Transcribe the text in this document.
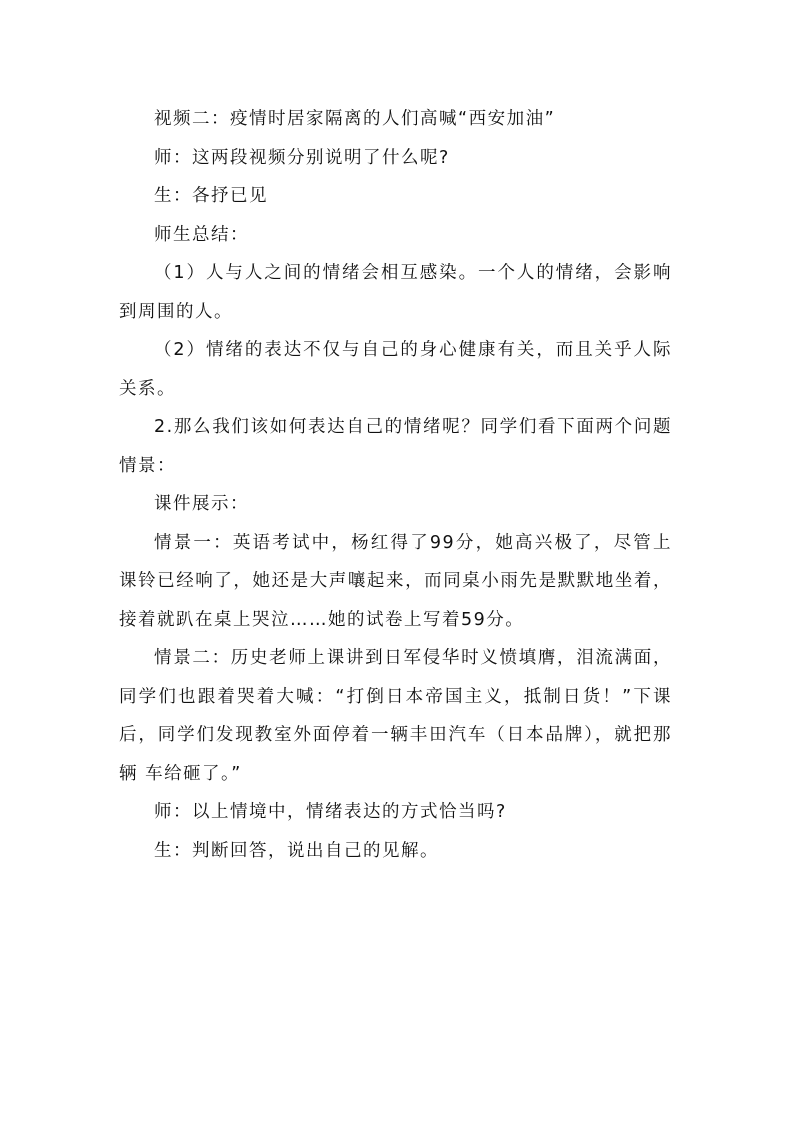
视频二：疫情时居家隔离的人们高喊“西安加油”

师：这两段视频分别说明了什么呢?

生：各抒已见

师生总结：

（1）人与人之间的情绪会相互感染。一个人的情绪，会影响到周围的人。

（2）情绪的表达不仅与自己的身心健康有关，而且关乎人际关系。

2.那么我们该如何表达自己的情绪呢？同学们看下面两个问题情景：

课件展示：

情景一：英语考试中，杨红得了99分，她高兴极了，尽管上课铃已经响了，她还是大声嚷起来，而同桌小雨先是默默地坐着，接着就趴在桌上哭泣……她的试卷上写着59分。

情景二：历史老师上课讲到日军侵华时义愤填膺，泪流满面，同学们也跟着哭着大喊：“打倒日本帝国主义，抵制日货！”下课后，同学们发现教室外面停着一辆丰田汽车（日本品牌），就把那辆 车给砸了。”

师：以上情境中，情绪表达的方式恰当吗?

生：判断回答，说出自己的见解。
